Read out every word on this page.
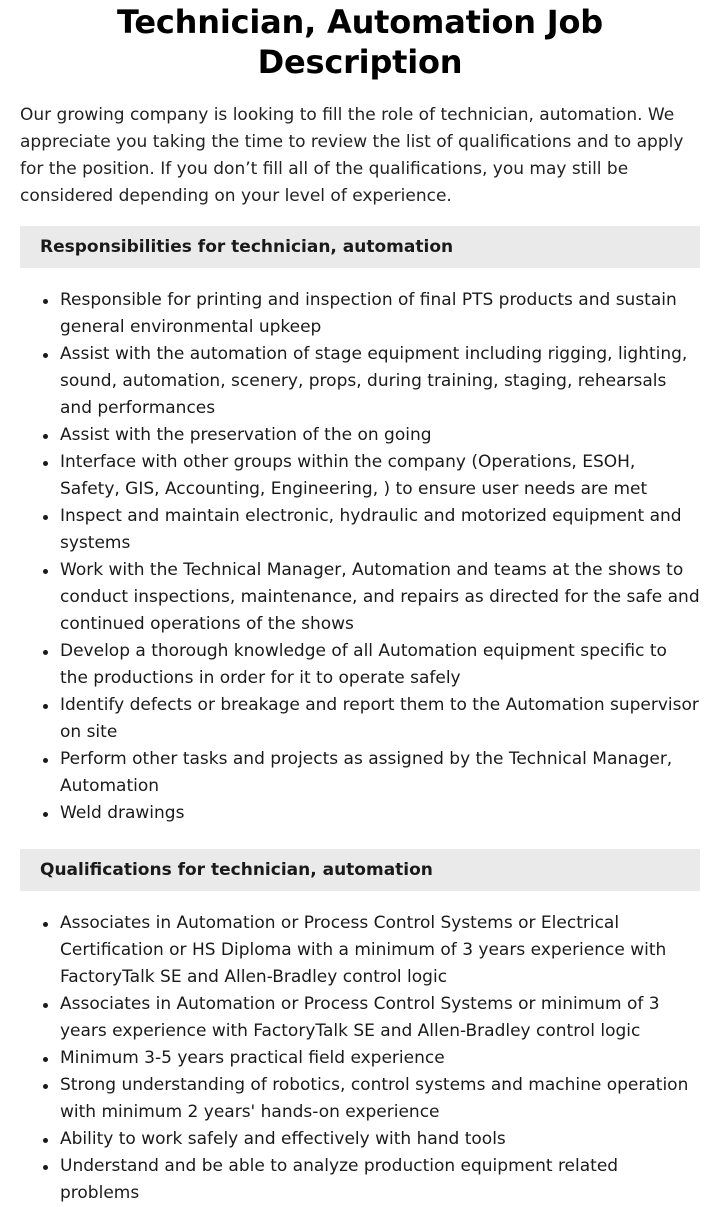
Technician, Automation Job Description

Our growing company is looking to fill the role of technician, automation. We appreciate you taking the time to review the list of qualifications and to apply for the position. If you don’t fill all of the qualifications, you may still be considered depending on your level of experience.

Responsibilities for technician, automation
Responsible for printing and inspection of final PTS products and sustain general environmental upkeep
Assist with the automation of stage equipment including rigging, lighting, sound, automation, scenery, props, during training, staging, rehearsals and performances
Assist with the preservation of the on going
Interface with other groups within the company (Operations, ESOH, Safety, GIS, Accounting, Engineering, ) to ensure user needs are met
Inspect and maintain electronic, hydraulic and motorized equipment and systems
Work with the Technical Manager, Automation and teams at the shows to conduct inspections, maintenance, and repairs as directed for the safe and continued operations of the shows
Develop a thorough knowledge of all Automation equipment specific to the productions in order for it to operate safely
Identify defects or breakage and report them to the Automation supervisor on site
Perform other tasks and projects as assigned by the Technical Manager, Automation
Weld drawings
Qualifications for technician, automation
Associates in Automation or Process Control Systems or Electrical Certification or HS Diploma with a minimum of 3 years experience with FactoryTalk SE and Allen-Bradley control logic
Associates in Automation or Process Control Systems or minimum of 3 years experience with FactoryTalk SE and Allen-Bradley control logic
Minimum 3-5 years practical field experience
Strong understanding of robotics, control systems and machine operation with minimum 2 years' hands-on experience
Ability to work safely and effectively with hand tools
Understand and be able to analyze production equipment related problems
